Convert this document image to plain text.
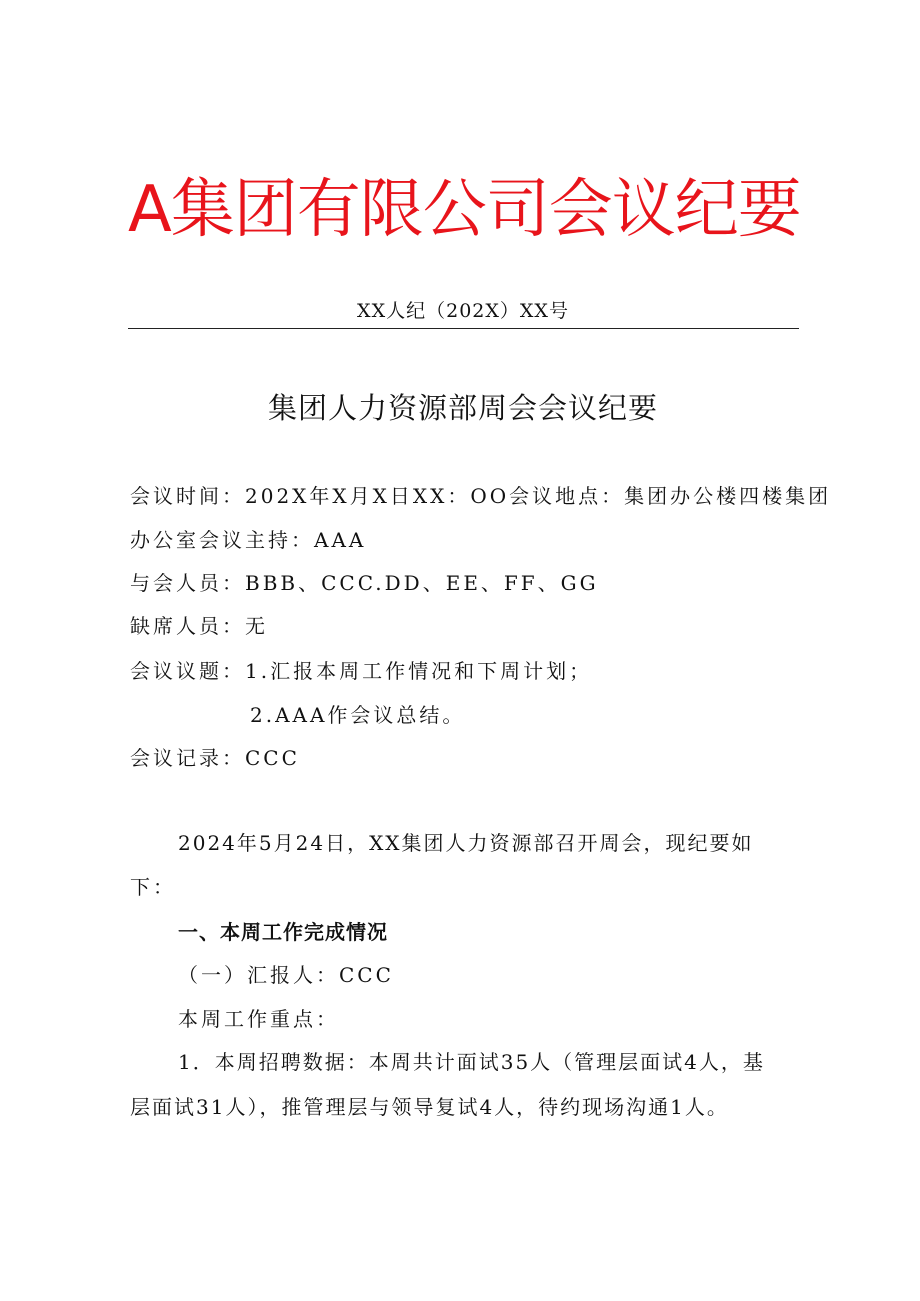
A集团有限公司会议纪要
XX人纪（202X）XX号
集团人力资源部周会会议纪要
会议时间：202X年X月X日XX：OO会议地点：集团办公楼四楼集团
办公室会议主持：AAA
与会人员：BBB、CCC.DD、EE、FF、GG
缺席人员：无
会议议题：1.汇报本周工作情况和下周计划；
2.AAA作会议总结。
会议记录：CCC
2024年5月24日，XX集团人力资源部召开周会，现纪要如
下：
一、本周工作完成情况
（一）汇报人：CCC
本周工作重点：
1．本周招聘数据：本周共计面试35人（管理层面试4人，基
层面试31人），推管理层与领导复试4人，待约现场沟通1人。
